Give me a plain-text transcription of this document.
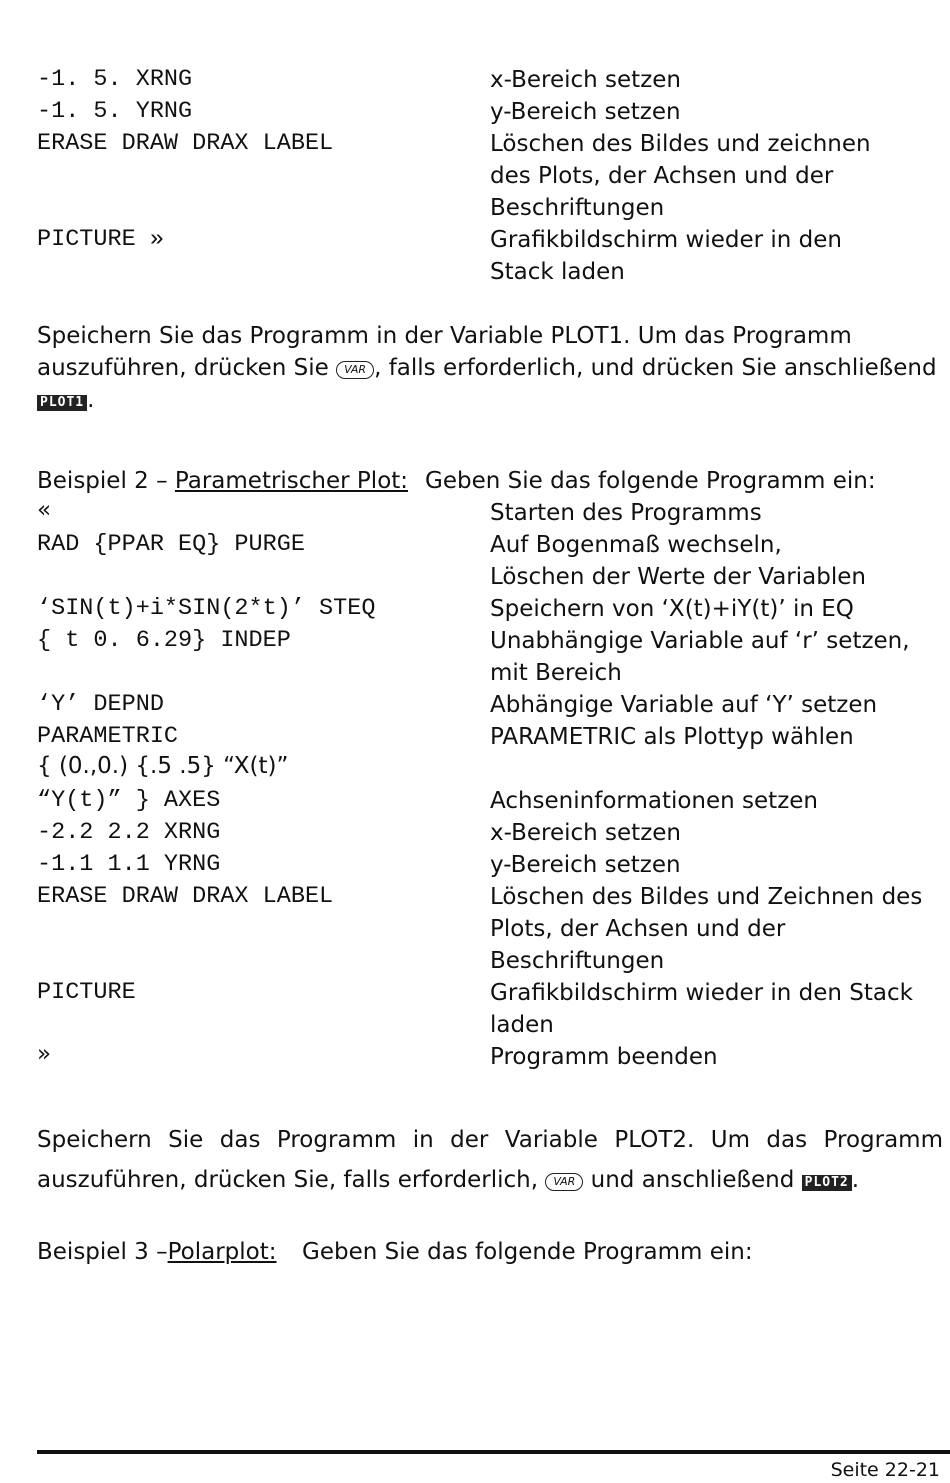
-1. 5. XRNG	x-Bereich setzen
-1. 5. YRNG	y-Bereich setzen
ERASE DRAW DRAX LABEL	Löschen des Bildes und zeichnen
des Plots, der Achsen und der
Beschriftungen
PICTURE »	Grafikbildschirm wieder in den
Stack laden
Speichern Sie das Programm in der Variable PLOT1. Um das Programm
auszuführen, drücken Sie VAR , falls erforderlich, und drücken Sie anschließend
PLOT1 .
Beispiel 2 – Parametrischer Plot: Geben Sie das folgende Programm ein:
«	Starten des Programms
RAD {PPAR EQ} PURGE	Auf Bogenmaß wechseln,
Löschen der Werte der Variablen
‘SIN(t)+i*SIN(2*t)’ STEQ	Speichern von ‘X(t)+iY(t)’ in EQ
{ t 0. 6.29} INDEP	Unabhängige Variable auf ‘r’ setzen,
mit Bereich
‘Y’ DEPND	Abhängige Variable auf ‘Y’ setzen
PARAMETRIC	PARAMETRIC als Plottyp wählen
{ (0.,0.) {.5 .5} “X(t)”
“Y(t)” } AXES	Achseninformationen setzen
-2.2 2.2 XRNG	x-Bereich setzen
-1.1 1.1 YRNG	y-Bereich setzen
ERASE DRAW DRAX LABEL	Löschen des Bildes und Zeichnen des
Plots, der Achsen und der
Beschriftungen
PICTURE	Grafikbildschirm wieder in den Stack
laden
»	Programm beenden
Speichern Sie das Programm in der Variable PLOT2. Um das Programm
auszuführen, drücken Sie, falls erforderlich, VAR und anschließend PLOT2 .
Beispiel 3 –Polarplot: Geben Sie das folgende Programm ein:
Seite 22-21
